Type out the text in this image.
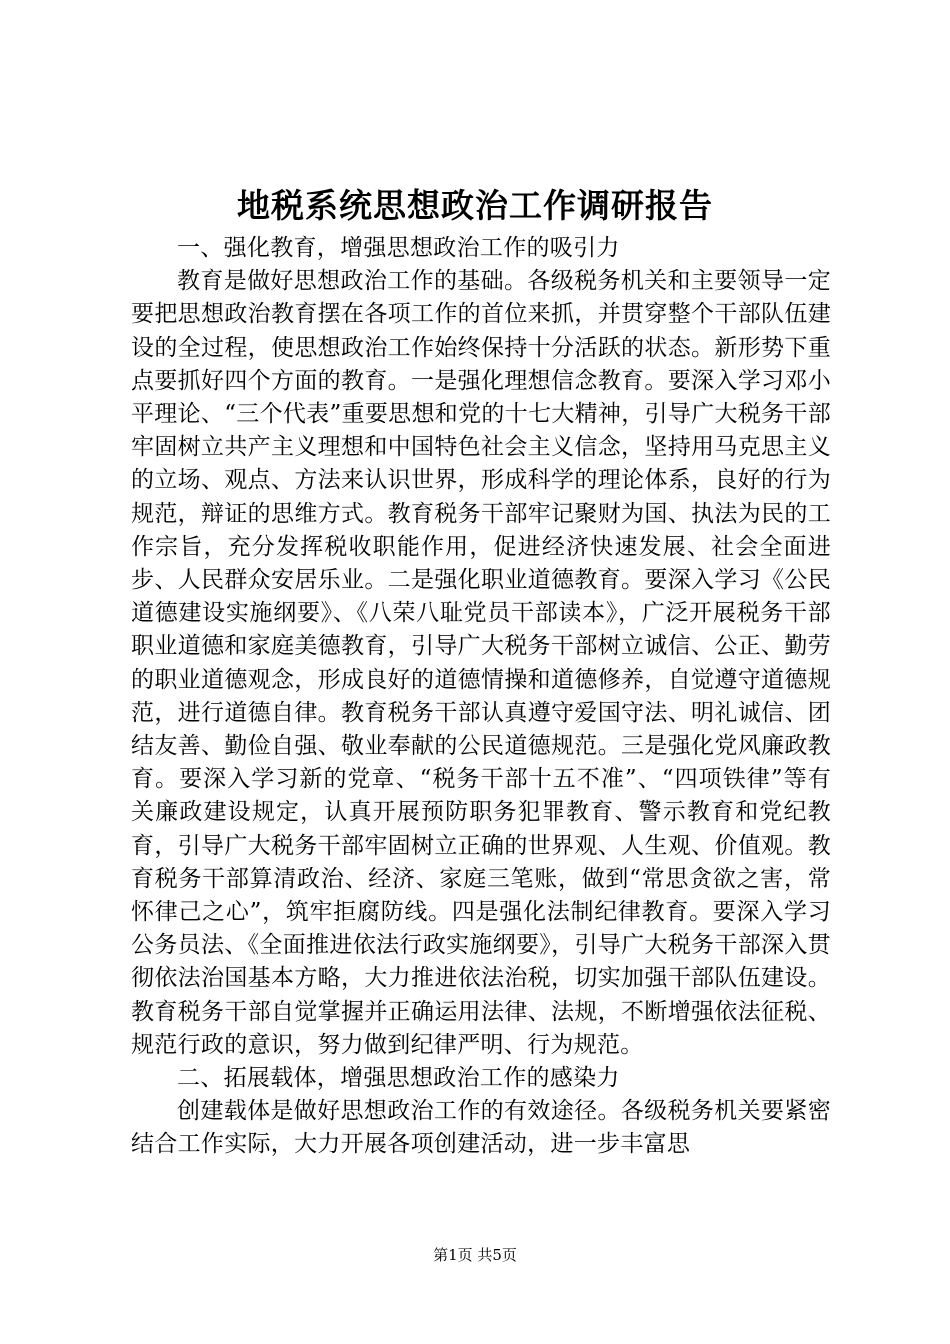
地税系统思想政治工作调研报告

一、强化教育，增强思想政治工作的吸引力

教育是做好思想政治工作的基础。各级税务机关和主要领导一定要把思想政治教育摆在各项工作的首位来抓，并贯穿整个干部队伍建设的全过程，使思想政治工作始终保持十分活跃的状态。新形势下重点要抓好四个方面的教育。一是强化理想信念教育。要深入学习邓小平理论、“三个代表”重要思想和党的十七大精神，引导广大税务干部牢固树立共产主义理想和中国特色社会主义信念，坚持用马克思主义的立场、观点、方法来认识世界，形成科学的理论体系，良好的行为规范，辩证的思维方式。教育税务干部牢记聚财为国、执法为民的工作宗旨，充分发挥税收职能作用，促进经济快速发展、社会全面进步、人民群众安居乐业。二是强化职业道德教育。要深入学习《公民道德建设实施纲要》、《八荣八耻党员干部读本》，广泛开展税务干部职业道德和家庭美德教育，引导广大税务干部树立诚信、公正、勤劳的职业道德观念，形成良好的道德情操和道德修养，自觉遵守道德规范，进行道德自律。教育税务干部认真遵守爱国守法、明礼诚信、团结友善、勤俭自强、敬业奉献的公民道德规范。三是强化党风廉政教育。要深入学习新的党章、“税务干部十五不准”、“四项铁律”等有关廉政建设规定，认真开展预防职务犯罪教育、警示教育和党纪教育，引导广大税务干部牢固树立正确的世界观、人生观、价值观。教育税务干部算清政治、经济、家庭三笔账，做到“常思贪欲之害，常怀律己之心”，筑牢拒腐防线。四是强化法制纪律教育。要深入学习公务员法、《全面推进依法行政实施纲要》，引导广大税务干部深入贯彻依法治国基本方略，大力推进依法治税，切实加强干部队伍建设。教育税务干部自觉掌握并正确运用法律、法规，不断增强依法征税、规范行政的意识，努力做到纪律严明、行为规范。

二、拓展载体，增强思想政治工作的感染力

创建载体是做好思想政治工作的有效途径。各级税务机关要紧密结合工作实际，大力开展各项创建活动，进一步丰富思

第1页 共5页
